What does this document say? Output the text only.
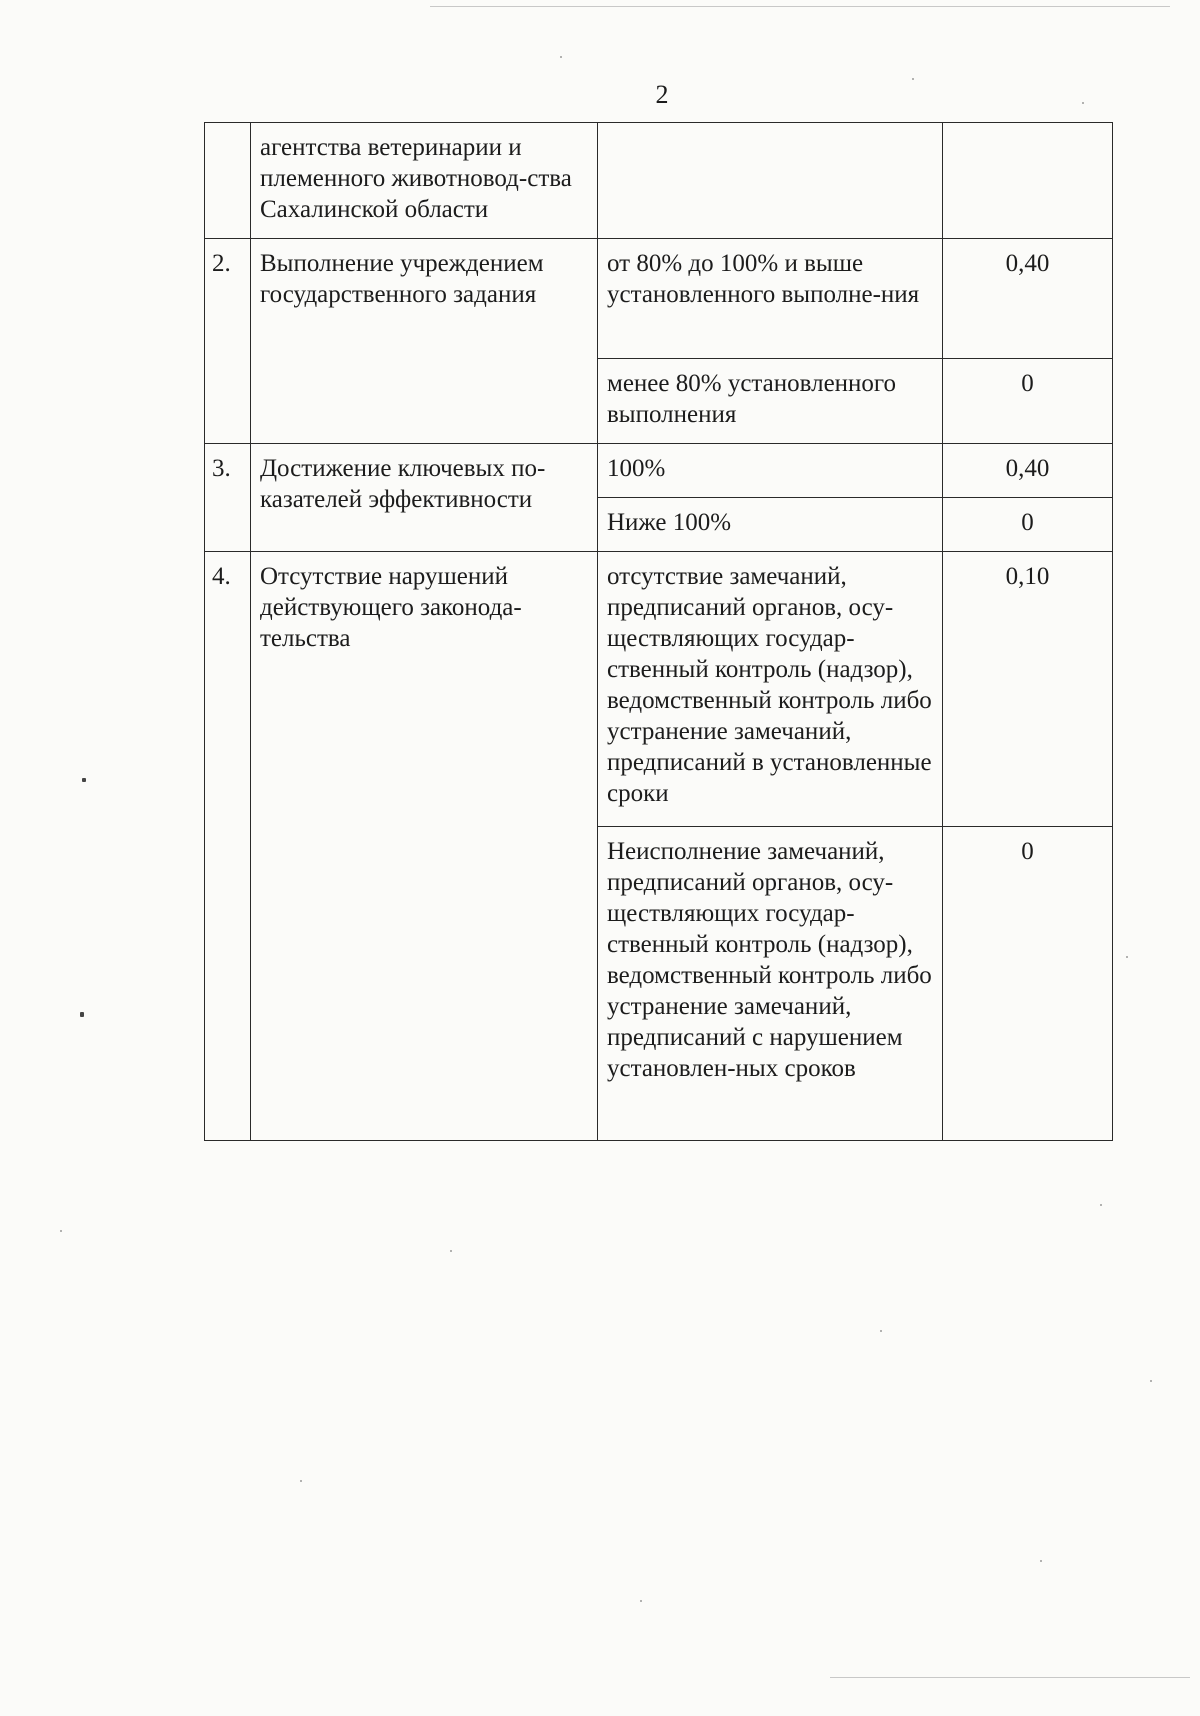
2
	агентства ветеринарии и племенного животновод-ства Сахалинской области		
2.	Выполнение учреждением государственного задания	от 80% до 100% и выше установленного выполне-ния	0,40
		менее 80% установленного выполнения	0
3.	Достижение ключевых по-казателей эффективности	100%	0,40
		Ниже 100%	0
4.	Отсутствие нарушений действующего законода-тельства	отсутствие замечаний, предписаний органов, осу-ществляющих государ-ственный контроль (надзор), ведомственный контроль либо устранение замечаний, предписаний в установленные сроки	0,10
		Неисполнение замечаний, предписаний органов, осу-ществляющих государ-ственный контроль (надзор), ведомственный контроль либо устранение замечаний, предписаний с нарушением установлен-ных сроков	0
